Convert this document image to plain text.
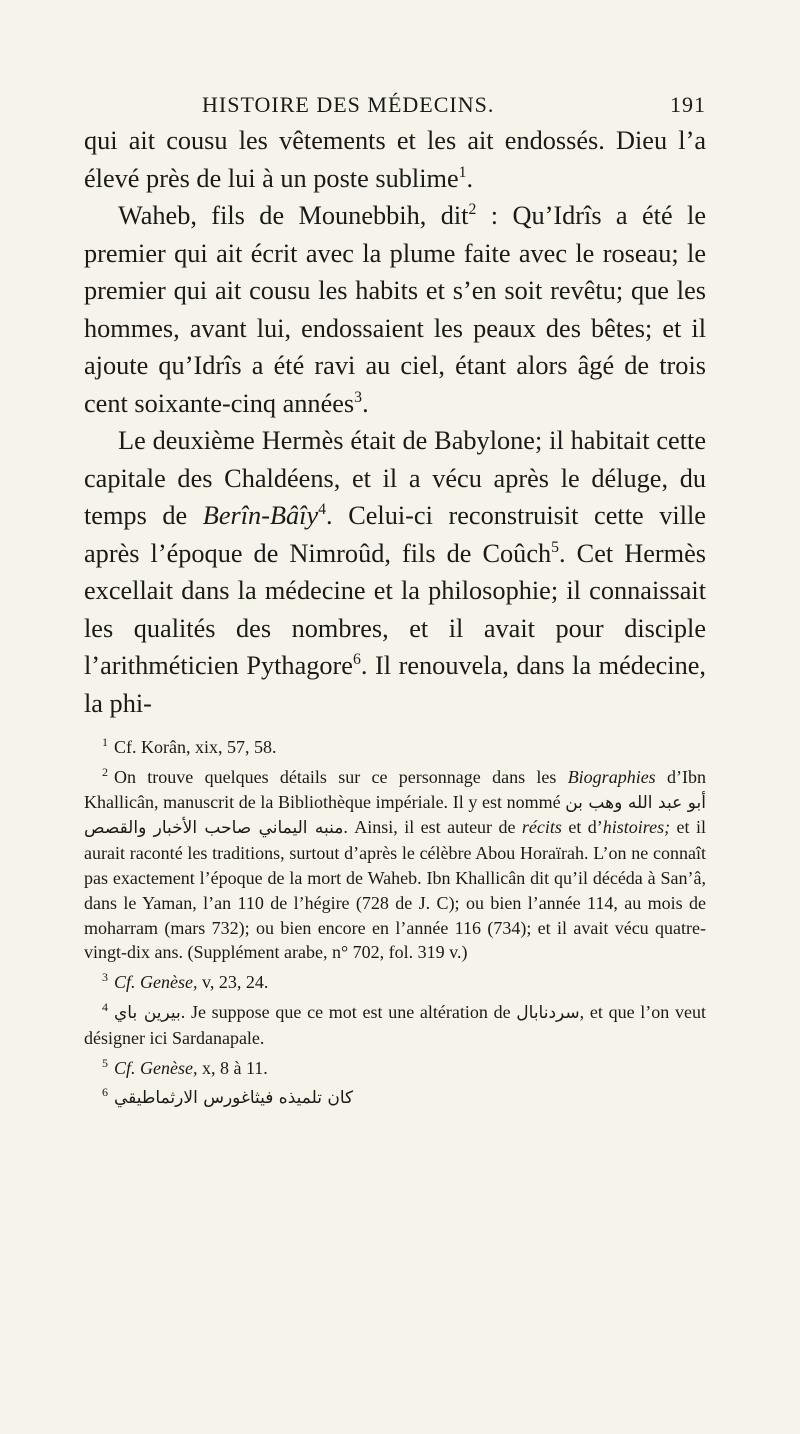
HISTOIRE DES MÉDECINS.	191

qui ait cousu les vêtements et les ait endossés. Dieu l’a élevé près de lui à un poste sublime$^1$.

Waheb, fils de Mounebbih, dit$^2$ : Qu’Idrîs a été le premier qui ait écrit avec la plume faite avec le roseau; le premier qui ait cousu les habits et s’en soit revêtu; que les hommes, avant lui, endossaient les peaux des bêtes; et il ajoute qu’Idrîs a été ravi au ciel, étant alors âgé de trois cent soixante-cinq années$^3$.

Le deuxième Hermès était de Babylone; il habitait cette capitale des Chaldéens, et il a vécu après le déluge, du temps de Berîn-Bâîy$^4$. Celui-ci reconstruisit cette ville après l’époque de Nimroûd, fils de Coûch$^5$. Cet Hermès excellait dans la médecine et la philosophie; il connaissait les qualités des nombres, et il avait pour disciple l’arithméticien Pythagore$^6$. Il renouvela, dans la médecine, la phi-

$^1$ Cf. Korân, xix, 57, 58.

$^2$ On trouve quelques détails sur ce personnage dans les Biographies d’Ibn Khallicân, manuscrit de la Bibliothèque impériale. Il y est nommé أبو عبد الله وهب بن منبه اليماني صاحب الأخبار والقصص. Ainsi, il est auteur de récits et d’histoires; et il aurait raconté les traditions, surtout d’après le célèbre Abou Horaïrah. L’on ne connaît pas exactement l’époque de la mort de Waheb. Ibn Khallicân dit qu’il décéda à San’â, dans le Yaman, l’an 110 de l’hégire (728 de J. C); ou bien l’année 114, au mois de moharram (mars 732); ou bien encore en l’année 116 (734); et il avait vécu quatre-vingt-dix ans. (Supplément arabe, n° 702, fol. 319 v.)

$^3$ Cf. Genèse, v, 23, 24.

$^4$ بيرين باي. Je suppose que ce mot est une altération de سردنابال, et que l’on veut désigner ici Sardanapale.

$^5$ Cf. Genèse, x, 8 à 11.

$^6$ كان تلميذه فيثاغورس الارثماطيقي
